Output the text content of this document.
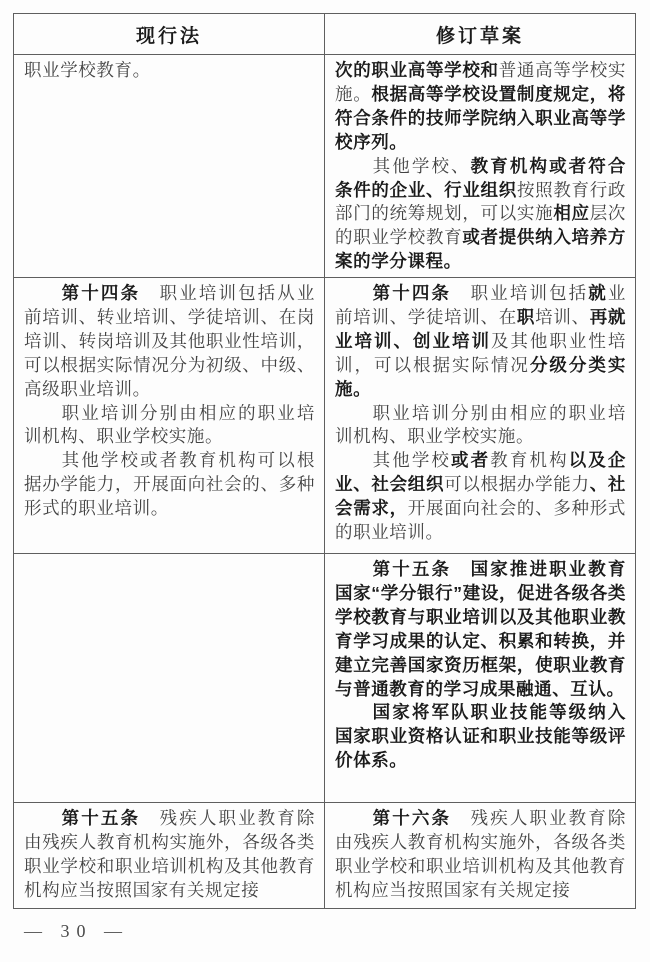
现行法	修订草案

职业学校教育。	次的职业高等学校和普通高等学校实施。根据高等学校设置制度规定，将符合条件的技师学院纳入职业高等学校序列。

其他学校、教育机构或者符合条件的企业、行业组织按照教育行政部门的统筹规划，可以实施相应层次的职业学校教育或者提供纳入培养方案的学分课程。

第十四条　职业培训包括从业前培训、转业培训、学徒培训、在岗培训、转岗培训及其他职业性培训，可以根据实际情况分为初级、中级、高级职业培训。

职业培训分别由相应的职业培训机构、职业学校实施。

其他学校或者教育机构可以根据办学能力，开展面向社会的、多种形式的职业培训。

第十四条　职业培训包括就业前培训、学徒培训、在职培训、再就业培训、创业培训及其他职业性培训，可以根据实际情况分级分类实施。

职业培训分别由相应的职业培训机构、职业学校实施。

其他学校或者教育机构以及企业、社会组织可以根据办学能力、社会需求，开展面向社会的、多种形式的职业培训。

第十五条　国家推进职业教育国家“学分银行”建设，促进各级各类学校教育与职业培训以及其他职业教育学习成果的认定、积累和转换，并建立完善国家资历框架，使职业教育与普通教育的学习成果融通、互认。

国家将军队职业技能等级纳入国家职业资格认证和职业技能等级评价体系。

第十五条　残疾人职业教育除由残疾人教育机构实施外，各级各类职业学校和职业培训机构及其他教育机构应当按照国家有关规定接

第十六条　残疾人职业教育除由残疾人教育机构实施外，各级各类职业学校和职业培训机构及其他教育机构应当按照国家有关规定接

— 30 —
